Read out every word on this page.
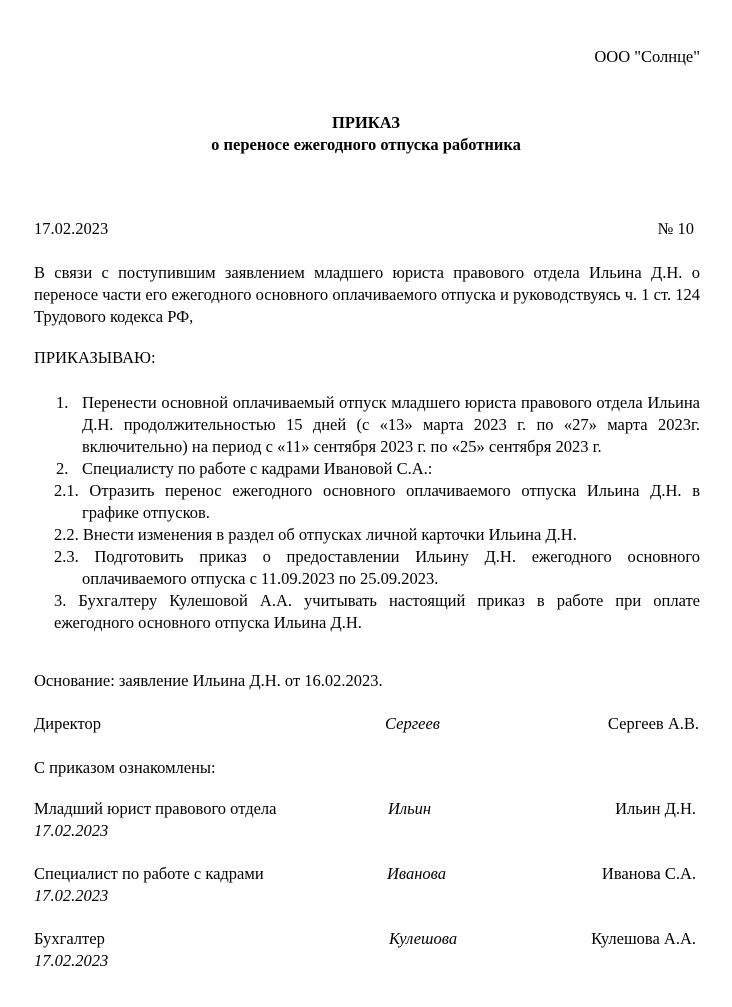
ООО "Солнце"
ПРИКАЗ
о переносе ежегодного отпуска работника
17.02.2023	№ 10
В связи с поступившим заявлением младшего юриста правового отдела Ильина Д.Н. о переносе части его ежегодного основного оплачиваемого отпуска и руководствуясь ч. 1 ст. 124 Трудового кодекса РФ,
ПРИКАЗЫВАЮ:
1. Перенести основной оплачиваемый отпуск младшего юриста правового отдела Ильина Д.Н. продолжительностью 15 дней (с «13» марта 2023 г. по «27» марта 2023г. включительно) на период с «11» сентября 2023 г. по «25» сентября 2023 г.
2. Специалисту по работе с кадрами Ивановой С.А.:
2.1. Отразить перенос ежегодного основного оплачиваемого отпуска Ильина Д.Н. в графике отпусков.
2.2. Внести изменения в раздел об отпусках личной карточки Ильина Д.Н.
2.3. Подготовить приказ о предоставлении Ильину Д.Н. ежегодного основного оплачиваемого отпуска с 11.09.2023 по 25.09.2023.
3. Бухгалтеру Кулешовой А.А. учитывать настоящий приказ в работе при оплате ежегодного основного отпуска Ильина Д.Н.
Основание: заявление Ильина Д.Н. от 16.02.2023.
Директор	Сергеев	Сергеев А.В.
С приказом ознакомлены:
Младший юрист правового отдела	Ильин	Ильин Д.Н.
17.02.2023
Специалист по работе с кадрами	Иванова	Иванова С.А.
17.02.2023
Бухгалтер	Кулешова	Кулешова А.А.
17.02.2023
